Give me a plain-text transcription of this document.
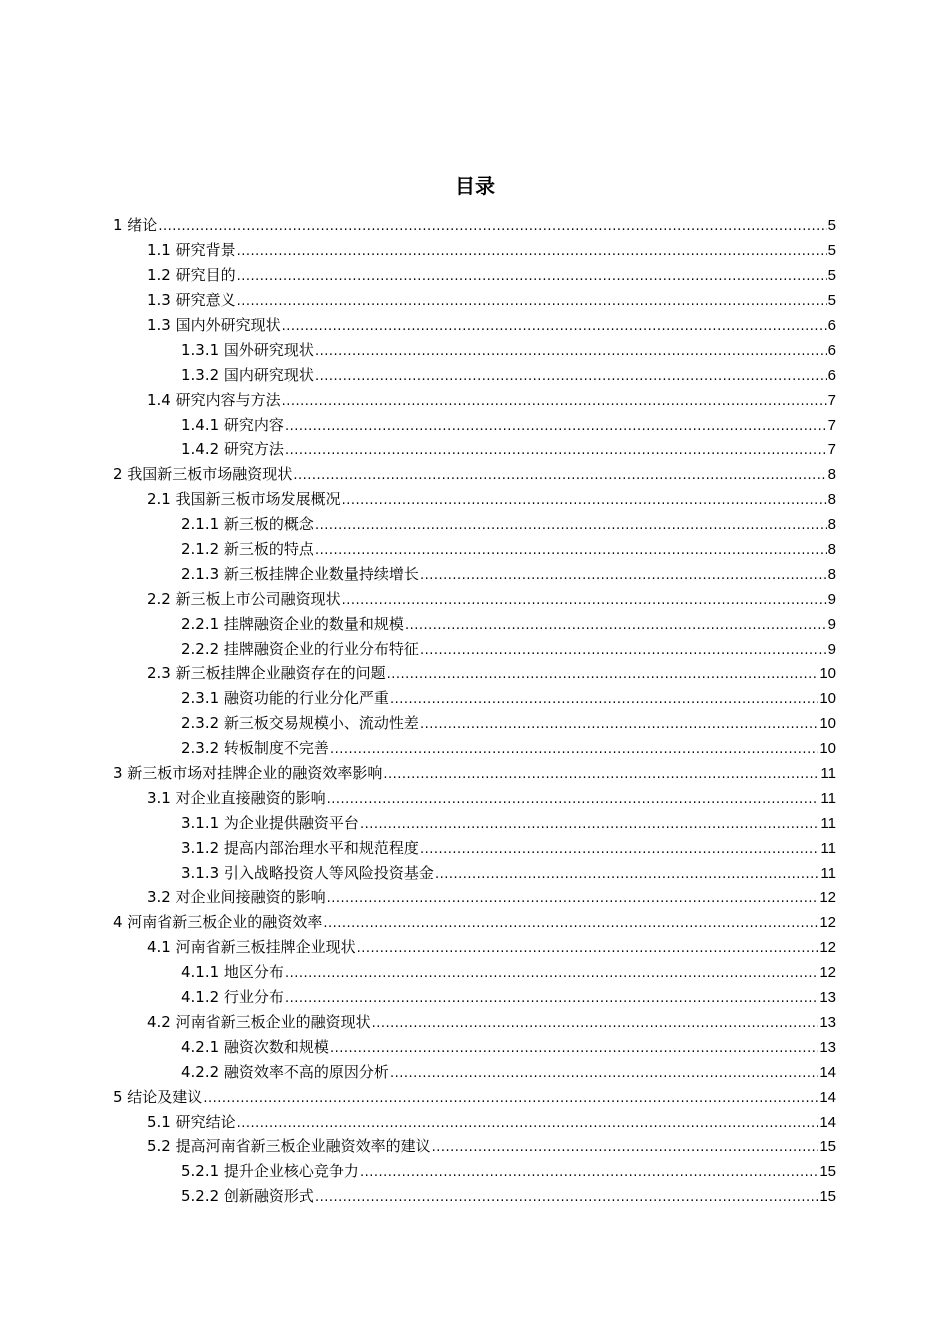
目录
1 绪论 .....	5
1.1 研究背景 .....	5
1.2 研究目的 .....	5
1.3 研究意义 .....	5
1.3 国内外研究现状 .....	6
1.3.1 国外研究现状 .....	6
1.3.2 国内研究现状 .....	6
1.4 研究内容与方法 .....	7
1.4.1 研究内容 .....	7
1.4.2 研究方法 .....	7
2 我国新三板市场融资现状 .....	8
2.1 我国新三板市场发展概况 .....	8
2.1.1 新三板的概念 .....	8
2.1.2 新三板的特点 .....	8
2.1.3 新三板挂牌企业数量持续增长 .....	8
2.2 新三板上市公司融资现状 .....	9
2.2.1 挂牌融资企业的数量和规模 .....	9
2.2.2 挂牌融资企业的行业分布特征 .....	9
2.3 新三板挂牌企业融资存在的问题 .....	10
2.3.1 融资功能的行业分化严重 .....	10
2.3.2 新三板交易规模小、流动性差 .....	10
2.3.2 转板制度不完善 .....	10
3 新三板市场对挂牌企业的融资效率影响 .....	11
3.1 对企业直接融资的影响 .....	11
3.1.1 为企业提供融资平台 .....	11
3.1.2 提高内部治理水平和规范程度 .....	11
3.1.3 引入战略投资人等风险投资基金 .....	11
3.2 对企业间接融资的影响 .....	12
4 河南省新三板企业的融资效率 .....	12
4.1 河南省新三板挂牌企业现状 .....	12
4.1.1 地区分布 .....	12
4.1.2 行业分布 .....	13
4.2 河南省新三板企业的融资现状 .....	13
4.2.1 融资次数和规模 .....	13
4.2.2 融资效率不高的原因分析 .....	14
5 结论及建议 .....	14
5.1 研究结论 .....	14
5.2 提高河南省新三板企业融资效率的建议 .....	15
5.2.1 提升企业核心竞争力 .....	15
5.2.2 创新融资形式 .....	15
